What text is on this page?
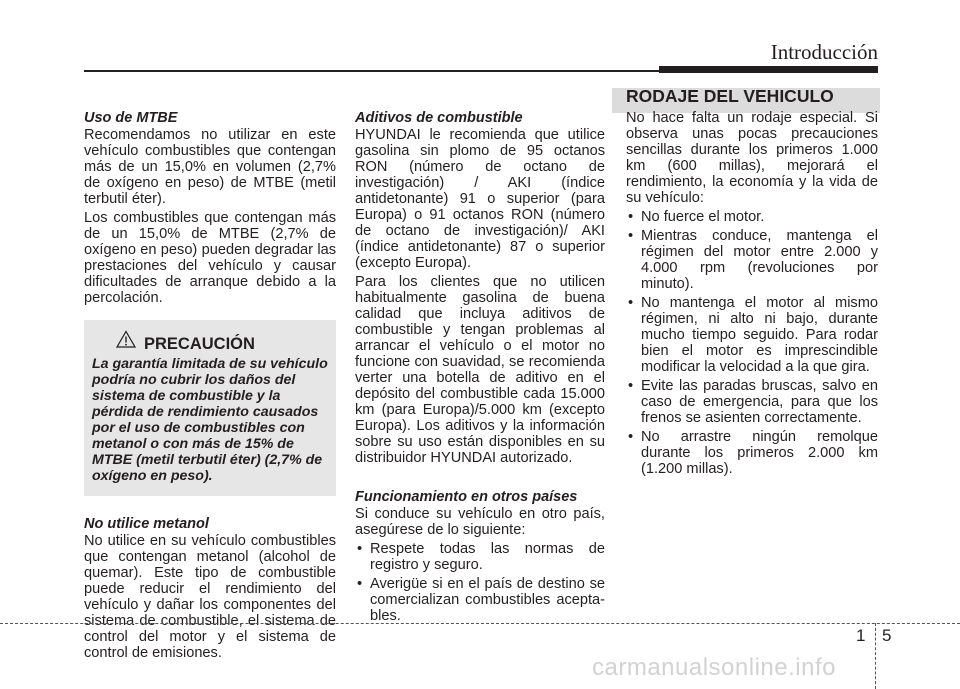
Introducción
Uso de MTBE

Recomendamos no utilizar en este vehículo combustibles que contengan más de un 15,0% en volumen (2,7% de oxígeno en peso) de MTBE (metil terbutil éter).

Los combustibles que contengan más de un 15,0% de MTBE (2,7% de oxígeno en peso) pueden degradar las prestaciones del vehículo y causar dificultades de arranque debido a la percolación.

PRECAUCIÓN
La garantía limitada de su vehículo podría no cubrir los daños del sistema de combustible y la pérdida de rendimiento causados por el uso de combustibles con metanol o con más de 15% de MTBE (metil terbutil éter) (2,7% de oxígeno en peso).
No utilice metanol

No utilice en su vehículo combustibles que contengan metanol (alcohol de quemar). Este tipo de combustible puede reducir el rendimiento del vehículo y dañar los componentes del sistema de combustible, el sistema de control del motor y el sistema de control de emisiones.

Aditivos de combustible

HYUNDAI le recomienda que utilice gasolina sin plomo de 95 octanos RON (número de octano de investigación) / AKI (índice antidetonante) 91 o superior (para Europa) o 91 octanos RON (número de octano de investigación)/ AKI (índice antidetonante) 87 o superior (excepto Europa).

Para los clientes que no utilicen habitualmente gasolina de buena calidad que incluya aditivos de combustible y tengan problemas al arrancar el vehículo o el motor no funcione con suavidad, se recomienda verter una botella de aditivo en el depósito del combustible cada 15.000 km (para Europa)/5.000 km (excepto Europa). Los aditivos y la información sobre su uso están disponibles en su distribuidor HYUNDAI autorizado.

Funcionamiento en otros países

Si conduce su vehículo en otro país, asegúrese de lo siguiente:

• Respete todas las normas de registro y seguro.
• Averigüe si en el país de destino se comercializan combustibles acepta-bles.
RODAJE DEL VEHICULO

No hace falta un rodaje especial. Si observa unas pocas precauciones sencillas durante los primeros 1.000 km (600 millas), mejorará el rendimiento, la economía y la vida de su vehículo:

• No fuerce el motor.
• Mientras conduce, mantenga el régimen del motor entre 2.000 y 4.000 rpm (revoluciones por minuto).
• No mantenga el motor al mismo régimen, ni alto ni bajo, durante mucho tiempo seguido. Para rodar bien el motor es imprescindible modificar la velocidad a la que gira.
• Evite las paradas bruscas, salvo en caso de emergencia, para que los frenos se asienten correctamente.
• No arrastre ningún remolque durante los primeros 2.000 km (1.200 millas).
1 5
carmanualsonline.info
